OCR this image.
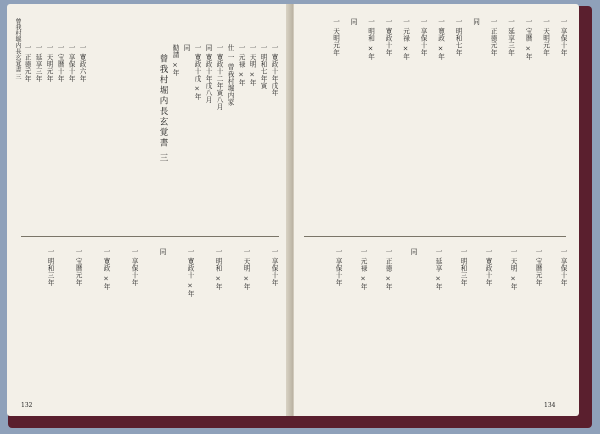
曾我村堀内長玄覚書 三	一 寛政十年戊年
一 明和七年寅
一 天明 ×年
一 元禄 ×年
仕 一 曾我村堀内家
一 寛政十二年寅八月
同 寛政十年戊八月
一 寛政十戊 ×年
同
勧請 ×年
曾我村堀内長玄覚書 三
一 寛政六年
一 享保十年
一 宝暦十年
一 天明元年
一 延享三年
一 正徳元年
一 享保十年
一 天明 ×年
一 明和 ×年
一 寛政十 ×年
同
一 享保十年
一 寛政 ×年
一 宝暦元年
一 明和三年
132
一 享保十年
一 天明元年
一 宝暦 ×年
一 延享三年
一 正徳元年
同
一 明和七年
一 寛政 ×年
一 享保十年
一 元禄 ×年
一 寛政十年
一 明和 ×年
同
一 天明元年
一 享保十年
一 宝暦元年
一 天明 ×年
一 寛政十年
一 明和三年
一 延享 ×年
同
一 正徳 ×年
一 元禄 ×年
一 享保十年
134
